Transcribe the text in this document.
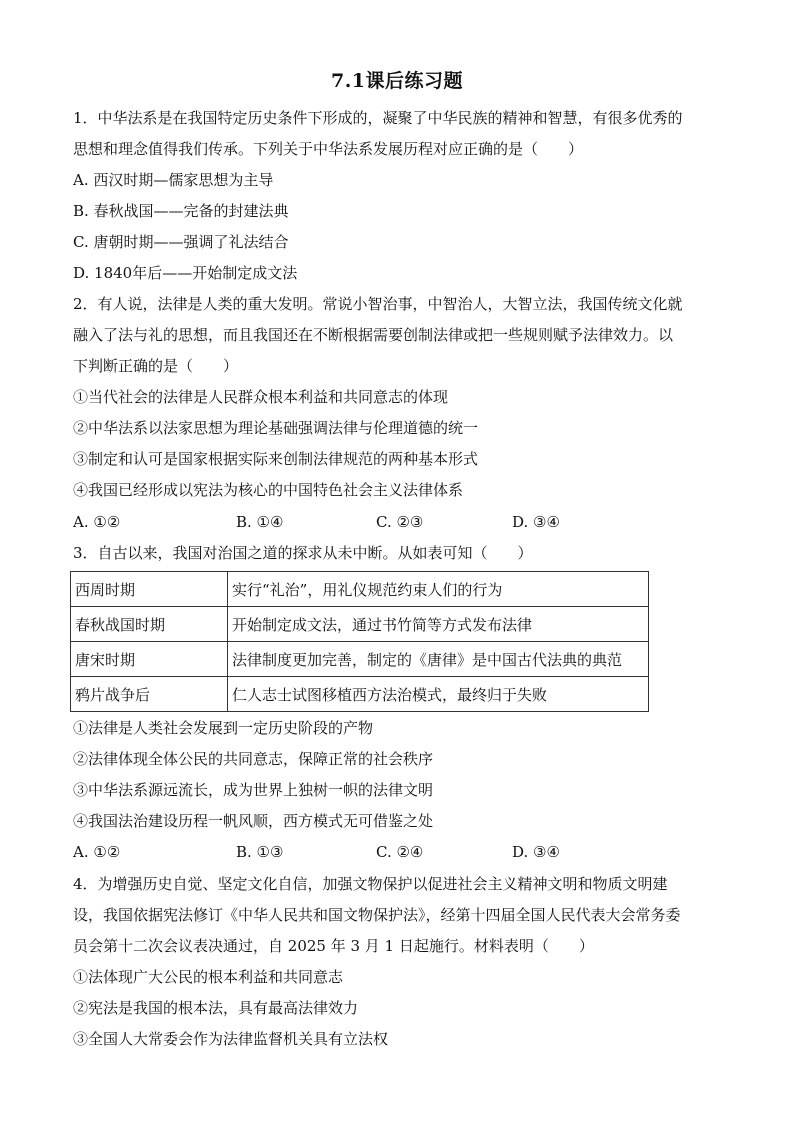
7.1课后练习题
1．中华法系是在我国特定历史条件下形成的，凝聚了中华民族的精神和智慧，有很多优秀的
思想和理念值得我们传承。下列关于中华法系发展历程对应正确的是（　　）
A. 西汉时期—儒家思想为主导
B. 春秋战国——完备的封建法典
C. 唐朝时期——强调了礼法结合
D. 1840年后——开始制定成文法
2．有人说，法律是人类的重大发明。常说小智治事，中智治人，大智立法，我国传统文化就
融入了法与礼的思想，而且我国还在不断根据需要创制法律或把一些规则赋予法律效力。以
下判断正确的是（　　）
①当代社会的法律是人民群众根本利益和共同意志的体现
②中华法系以法家思想为理论基础强调法律与伦理道德的统一
③制定和认可是国家根据实际来创制法律规范的两种基本形式
④我国已经形成以宪法为核心的中国特色社会主义法律体系
A. ①②	B. ①④	C. ②③	D. ③④
3．自古以来，我国对治国之道的探求从未中断。从如表可知（　　）
西周时期	实行“礼治”，用礼仪规范约束人们的行为
春秋战国时期	开始制定成文法，通过书竹简等方式发布法律
唐宋时期	法律制度更加完善，制定的《唐律》是中国古代法典的典范
鸦片战争后	仁人志士试图移植西方法治模式，最终归于失败
①法律是人类社会发展到一定历史阶段的产物
②法律体现全体公民的共同意志，保障正常的社会秩序
③中华法系源远流长，成为世界上独树一帜的法律文明
④我国法治建设历程一帆风顺，西方模式无可借鉴之处
A. ①②	B. ①③	C. ②④	D. ③④
4．为增强历史自觉、坚定文化自信，加强文物保护以促进社会主义精神文明和物质文明建
设，我国依据宪法修订《中华人民共和国文物保护法》，经第十四届全国人民代表大会常务委
员会第十二次会议表决通过，自 2025 年 3 月 1 日起施行。材料表明（　　）
①法体现广大公民的根本利益和共同意志
②宪法是我国的根本法，具有最高法律效力
③全国人大常委会作为法律监督机关具有立法权
